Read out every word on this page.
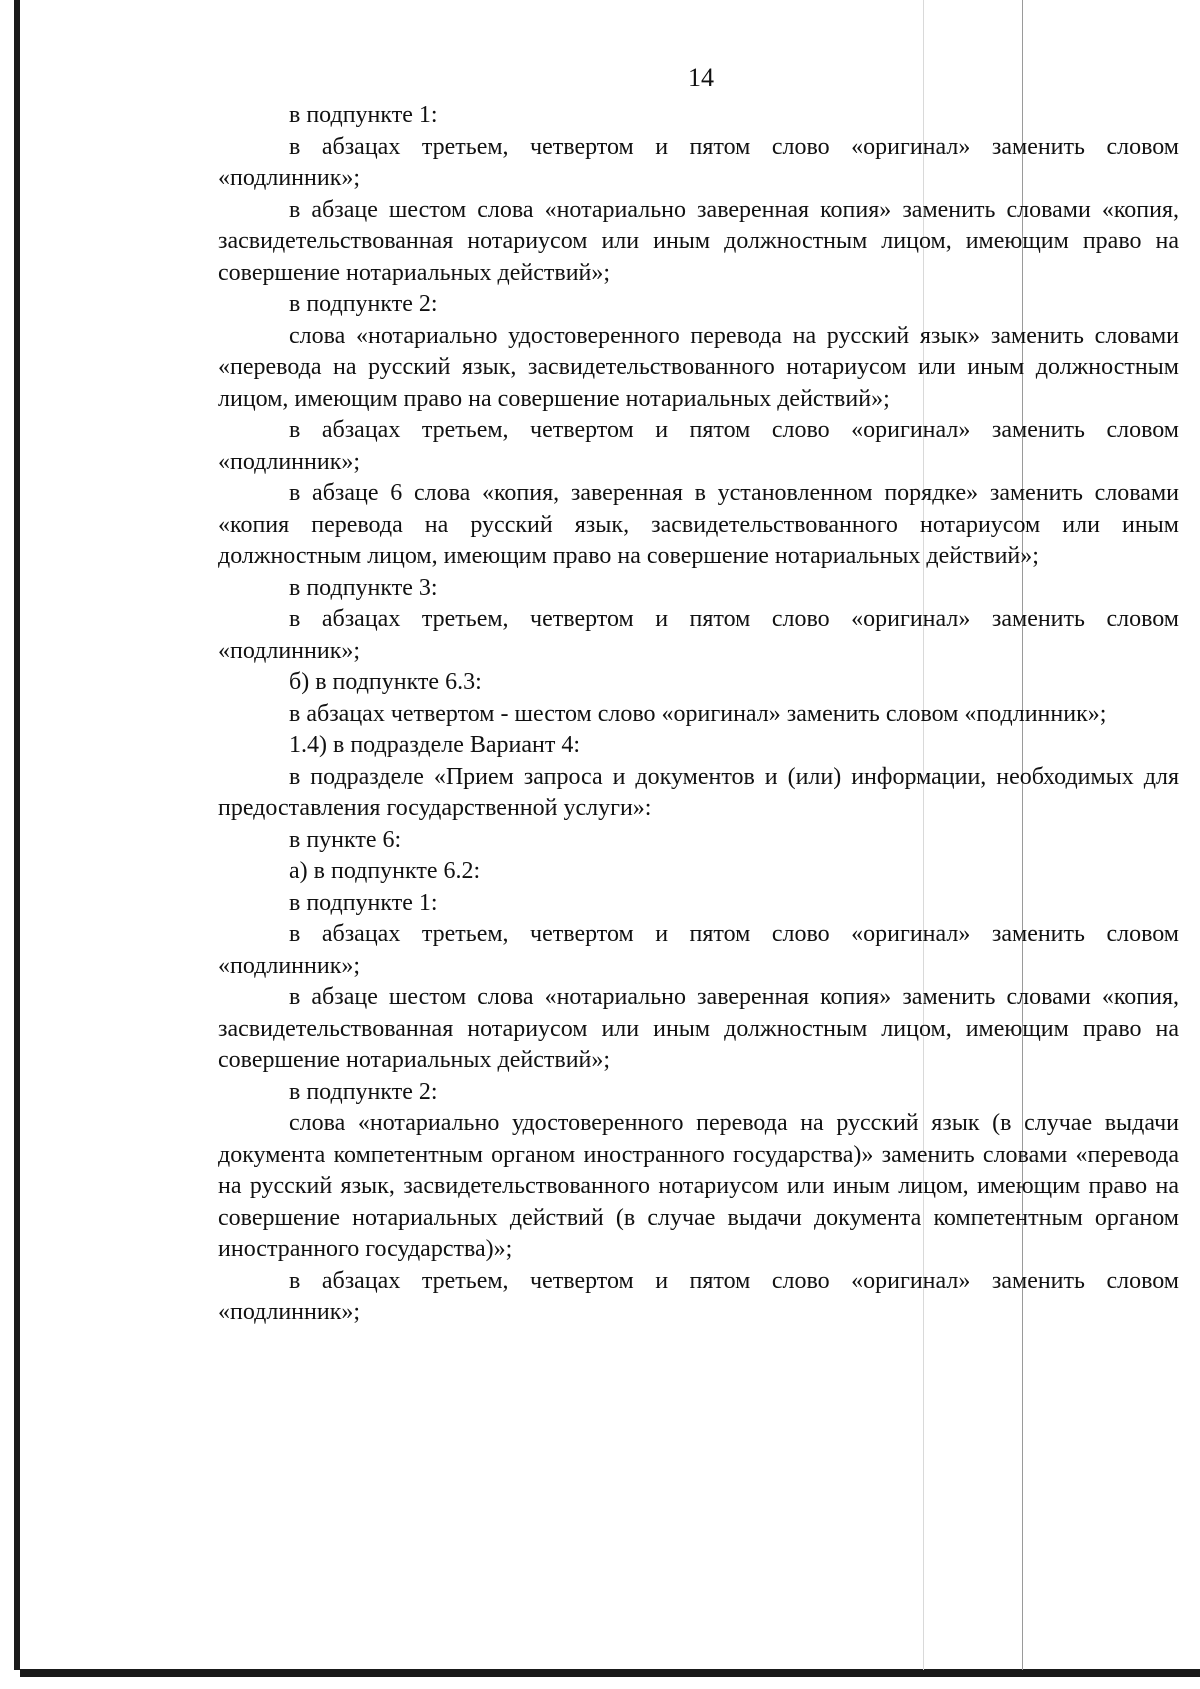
14

в подпункте 1:

в абзацах третьем, четвертом и пятом слово «оригинал» заменить словом «подлинник»;

в абзаце шестом слова «нотариально заверенная копия» заменить словами «копия, засвидетельствованная нотариусом или иным должностным лицом, имеющим право на совершение нотариальных действий»;

в подпункте 2:

слова «нотариально удостоверенного перевода на русский язык» заменить словами «перевода на русский язык, засвидетельствованного нотариусом или иным должностным лицом, имеющим право на совершение нотариальных действий»;

в абзацах третьем, четвертом и пятом слово «оригинал» заменить словом «подлинник»;

в абзаце 6 слова «копия, заверенная в установленном порядке» заменить словами «копия перевода на русский язык, засвидетельствованного нотариусом или иным должностным лицом, имеющим право на совершение нотариальных действий»;

в подпункте 3:

в абзацах третьем, четвертом и пятом слово «оригинал» заменить словом «подлинник»;

б) в подпункте 6.3:

в абзацах четвертом - шестом слово «оригинал» заменить словом «подлинник»;

1.4) в подразделе Вариант 4:

в подразделе «Прием запроса и документов и (или) информации, необходимых для предоставления государственной услуги»:

в пункте 6:

а) в подпункте 6.2:

в подпункте 1:

в абзацах третьем, четвертом и пятом слово «оригинал» заменить словом «подлинник»;

в абзаце шестом слова «нотариально заверенная копия» заменить словами «копия, засвидетельствованная нотариусом или иным должностным лицом, имеющим право на совершение нотариальных действий»;

в подпункте 2:

слова «нотариально удостоверенного перевода на русский язык (в случае выдачи документа компетентным органом иностранного государства)» заменить словами «перевода на русский язык, засвидетельствованного нотариусом или иным лицом, имеющим право на совершение нотариальных действий (в случае выдачи документа компетентным органом иностранного государства)»;

в абзацах третьем, четвертом и пятом слово «оригинал» заменить словом «подлинник»;
